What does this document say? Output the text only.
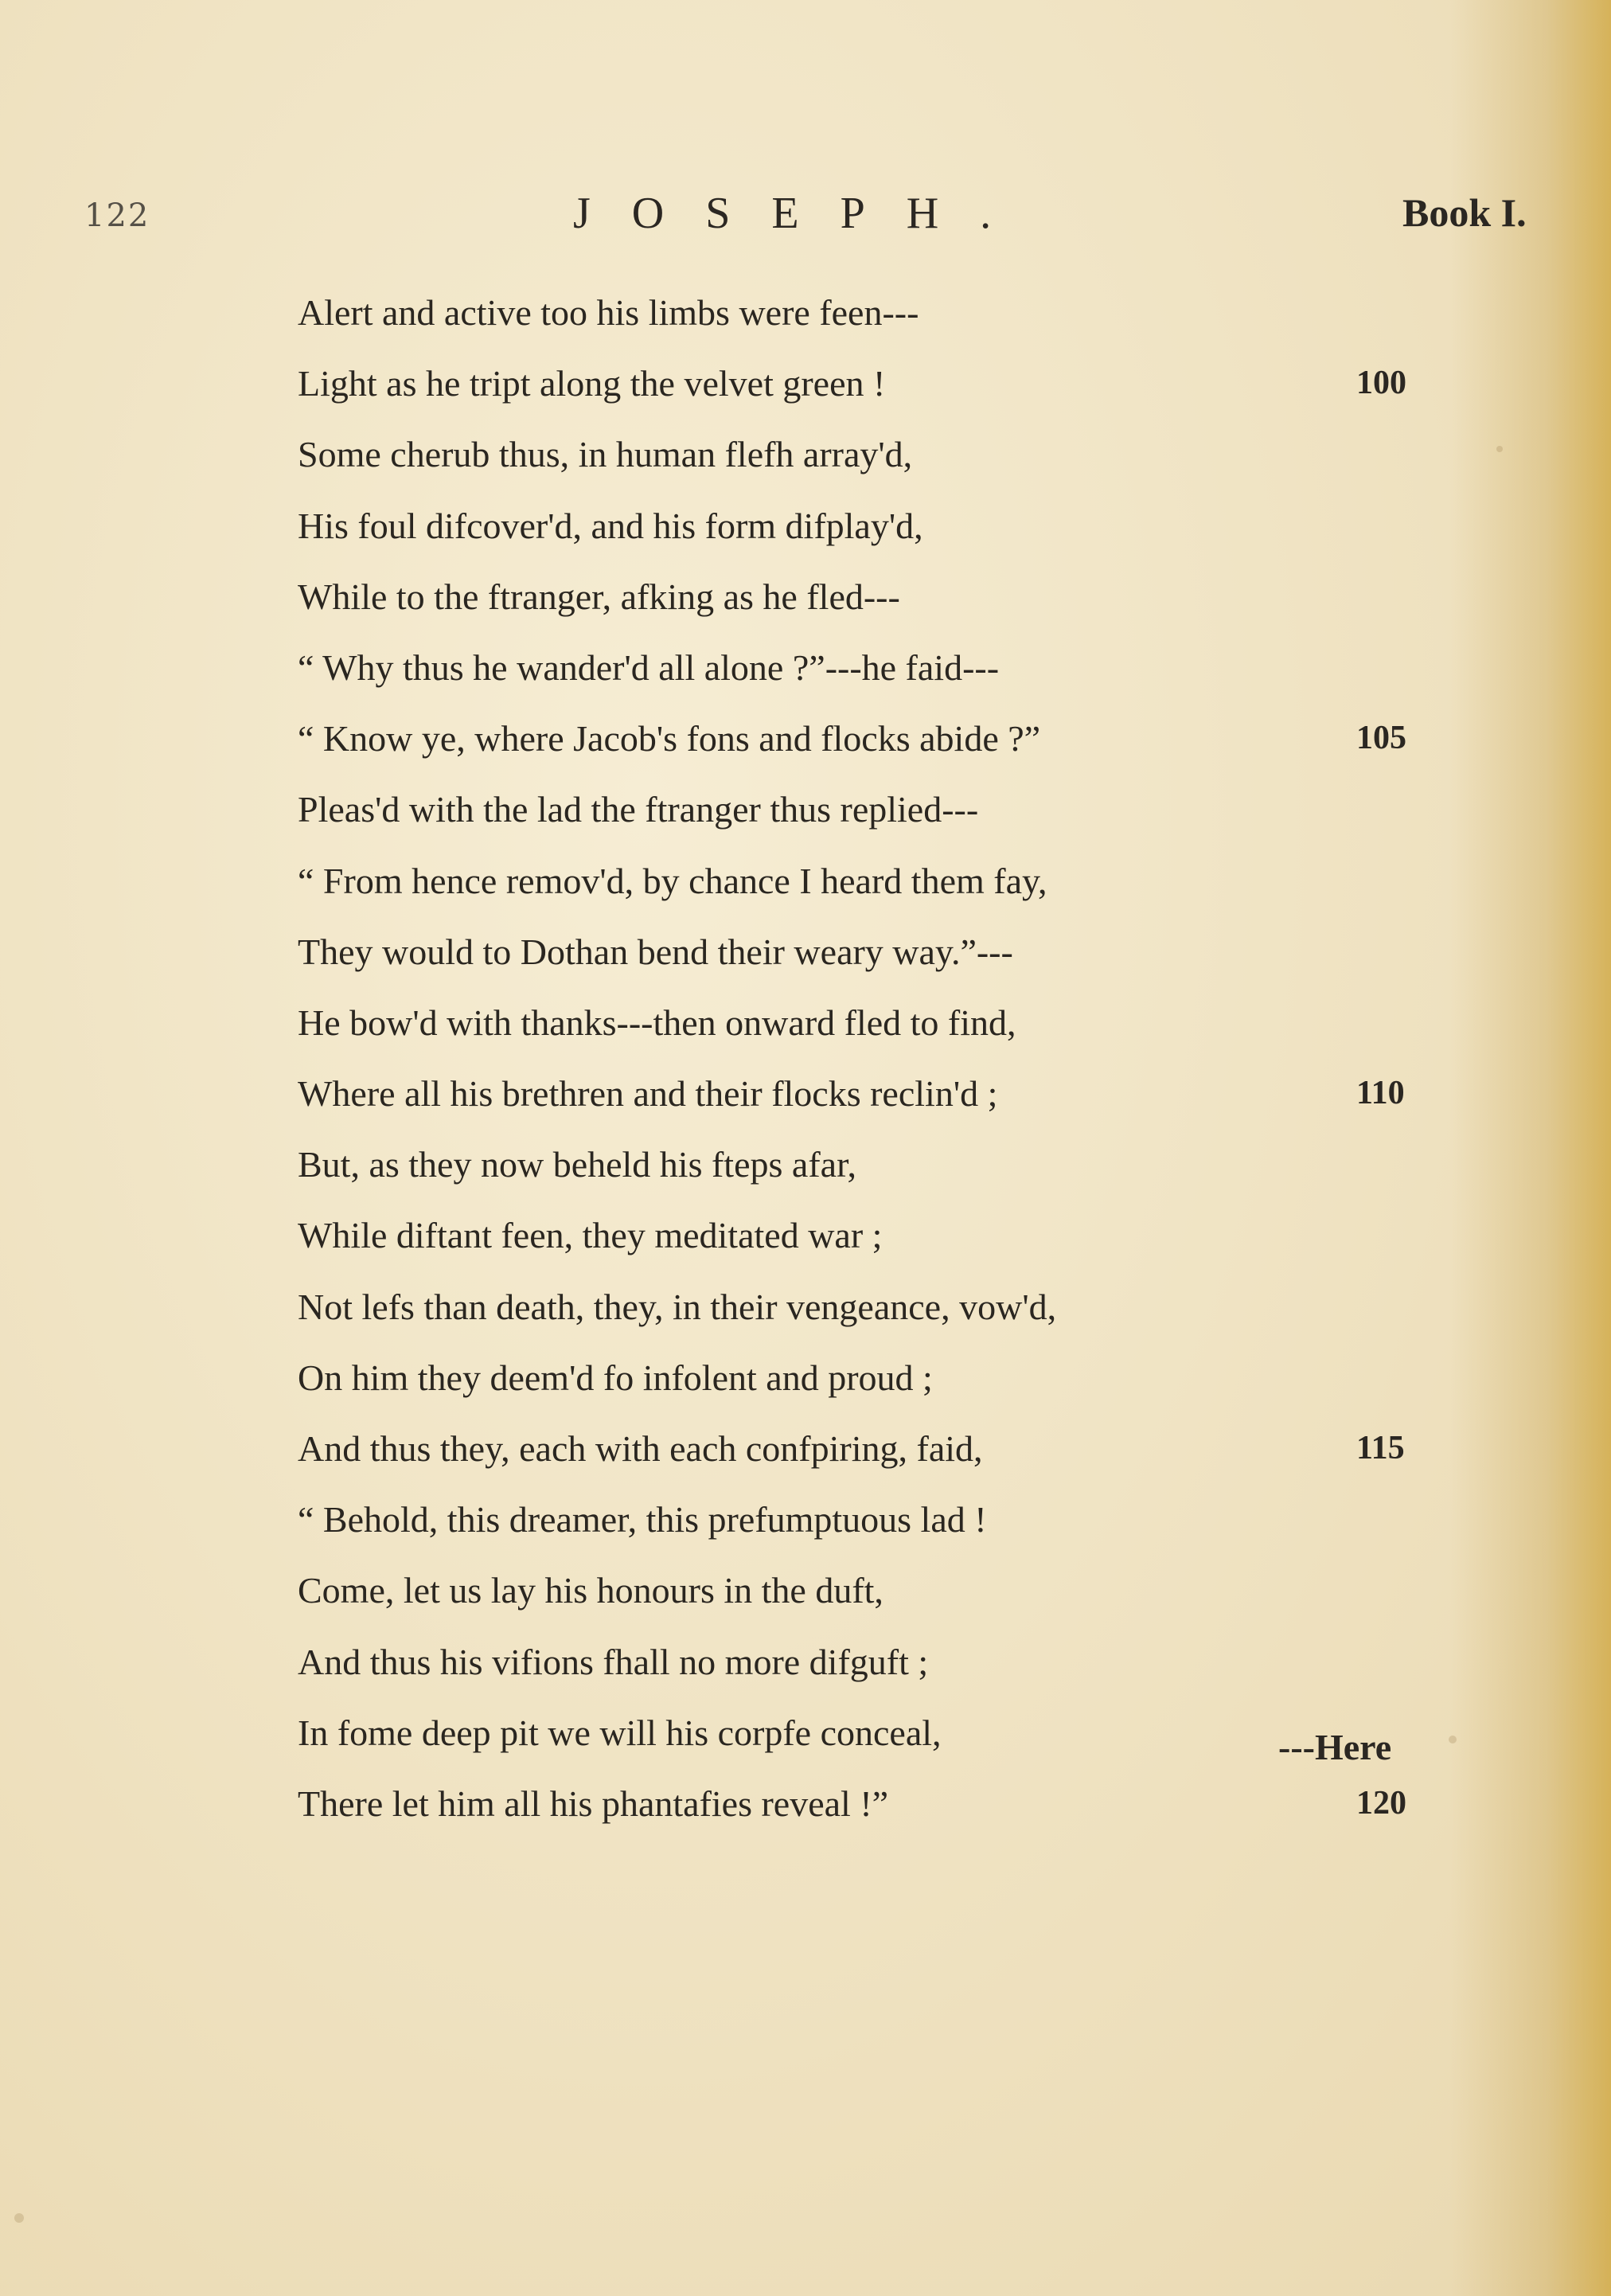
122	JOSEPH.	Book I.
Alert and active too his limbs were feen---
Light as he tript along the velvet green !	100
Some cherub thus, in human flefh array'd,
His foul difcover'd, and his form difplay'd,
While to the ftranger, afking as he fled---
“ Why thus he wander'd all alone ?”---he faid---
“ Know ye, where Jacob's fons and flocks abide ?”	105
Pleas'd with the lad the ftranger thus replied---
“ From hence remov'd, by chance I heard them fay,
They would to Dothan bend their weary way.”---
He bow'd with thanks---then onward fled to find,
Where all his brethren and their flocks reclin'd ;	110
But, as they now beheld his fteps afar,
While diftant feen, they meditated war ;
Not lefs than death, they, in their vengeance, vow'd,
On him they deem'd fo infolent and proud ;
And thus they, each with each confpiring, faid,	115
“ Behold, this dreamer, this prefumptuous lad !
Come, let us lay his honours in the duft,
And thus his vifions fhall no more difguft ;
In fome deep pit we will his corpfe conceal,
There let him all his phantafies reveal !”	120
---Here
